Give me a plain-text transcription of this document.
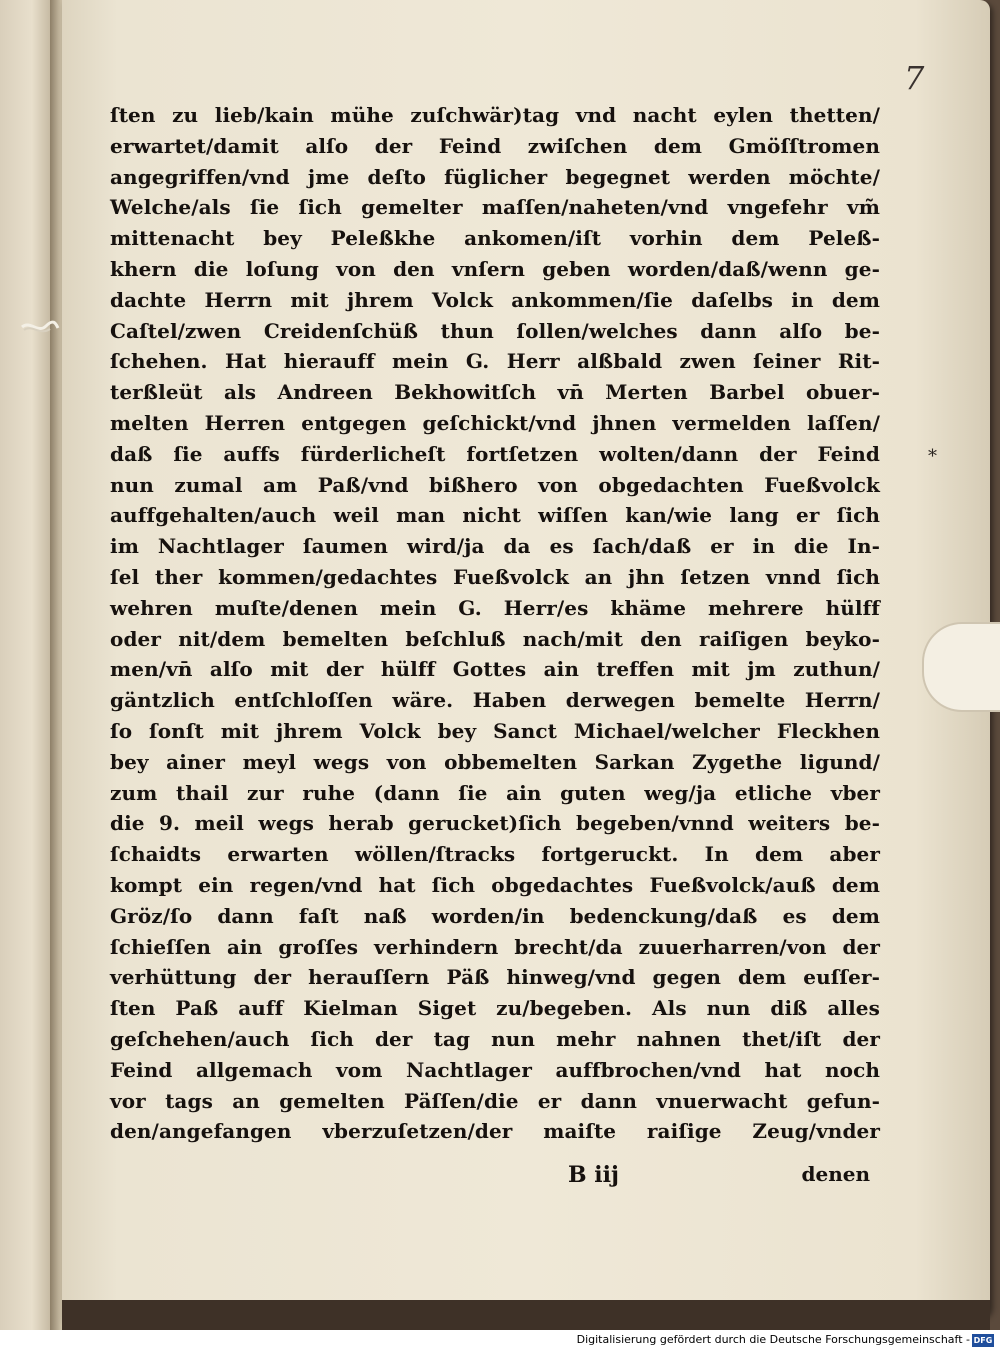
7
*
ſten zu lieb/kain mühe zuſchwär)tag vnd nacht eylen thetten/
erwartet/damit alſo der Feind zwiſchen dem Gmöſſtromen
angegriffen/vnd jme deſto füglicher begegnet werden möchte/
Welche/als ſie ſich gemelter maſſen/naheten/vnd vngefehr vm̃
mittenacht bey Peleßkhe ankomen/iſt vorhin dem Peleß-
khern die loſung von den vnſern geben worden/daß/wenn ge-
dachte Herrn mit jhrem Volck ankommen/ſie daſelbs in dem
Caſtel/zwen Creidenſchüß thun ſollen/welches dann alſo be-
ſchehen. Hat hierauff mein G. Herr alßbald zwen ſeiner Rit-
terßleüt als Andreen Bekhowitſch vn̄ Merten Barbel obuer-
melten Herren entgegen geſchickt/vnd jhnen vermelden laſſen/
daß ſie auffs fürderlicheſt fortſetzen wolten/dann der Feind
nun zumal am Paß/vnd bißhero von obgedachten Fueßvolck
auffgehalten/auch weil man nicht wiſſen kan/wie lang er ſich
im Nachtlager ſaumen wird/ja da es ſach/daß er in die In-
ſel ther kommen/gedachtes Fueßvolck an jhn ſetzen vnnd ſich
wehren muſte/denen mein G. Herr/es khäme mehrere hülff
oder nit/dem bemelten beſchluß nach/mit den raiſigen beyko-
men/vn̄ alſo mit der hülff Gottes ain treffen mit jm zuthun/
gäntzlich entſchloſſen wäre. Haben derwegen bemelte Herrn/
ſo ſonſt mit jhrem Volck bey Sanct Michael/welcher Fleckhen
bey ainer meyl wegs von obbemelten Sarkan Zygethe ligund/
zum thail zur ruhe (dann ſie ain guten weg/ja etliche vber
die 9. meil wegs herab gerucket)ſich begeben/vnnd weiters be-
ſchaidts erwarten wöllen/ſtracks fortgeruckt. In dem aber
kompt ein regen/vnd hat ſich obgedachtes Fueßvolck/auß dem
Gröz/ſo dann faſt naß worden/in bedenckung/daß es dem
ſchieſſen ain groſſes verhindern brecht/da zuuerharren/von der
verhüttung der herauſſern Päß hinweg/vnd gegen dem euſſer-
ſten Paß auff Kielman Siget zu/begeben. Als nun diß alles
geſchehen/auch ſich der tag nun mehr nahnen thet/iſt der
Feind allgemach vom Nachtlager auffbrochen/vnd hat noch
vor tags an gemelten Päſſen/die er dann vnuerwacht gefun-
den/angefangen vberzuſetzen/der maiſte raiſige Zeug/vnder
B iij	denen
Digitalisierung gefördert durch die Deutsche Forschungsgemeinschaft - DFG
